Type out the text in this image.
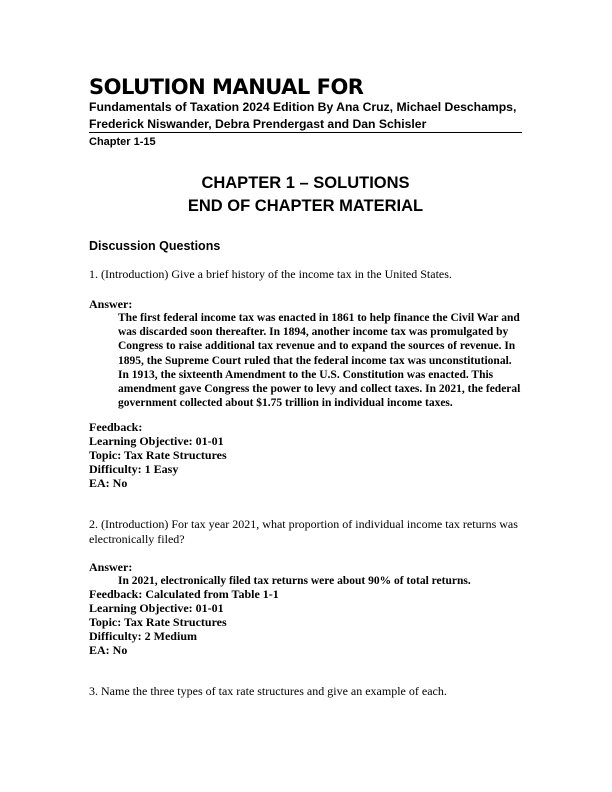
SOLUTION MANUAL FOR
Fundamentals of Taxation 2024 Edition By Ana Cruz, Michael Deschamps, Frederick Niswander, Debra Prendergast and Dan Schisler
Chapter 1-15
CHAPTER 1 – SOLUTIONS
END OF CHAPTER MATERIAL
Discussion Questions
1. (Introduction) Give a brief history of the income tax in the United States.
Answer:
The first federal income tax was enacted in 1861 to help finance the Civil War and was discarded soon thereafter. In 1894, another income tax was promulgated by Congress to raise additional tax revenue and to expand the sources of revenue. In 1895, the Supreme Court ruled that the federal income tax was unconstitutional. In 1913, the sixteenth Amendment to the U.S. Constitution was enacted. This amendment gave Congress the power to levy and collect taxes. In 2021, the federal government collected about $1.75 trillion in individual income taxes.
Feedback:
Learning Objective: 01-01
Topic: Tax Rate Structures
Difficulty: 1 Easy
EA: No
2. (Introduction) For tax year 2021, what proportion of individual income tax returns was electronically filed?
Answer:
In 2021, electronically filed tax returns were about 90% of total returns.
Feedback: Calculated from Table 1-1
Learning Objective: 01-01
Topic: Tax Rate Structures
Difficulty: 2 Medium
EA: No
3. Name the three types of tax rate structures and give an example of each.
